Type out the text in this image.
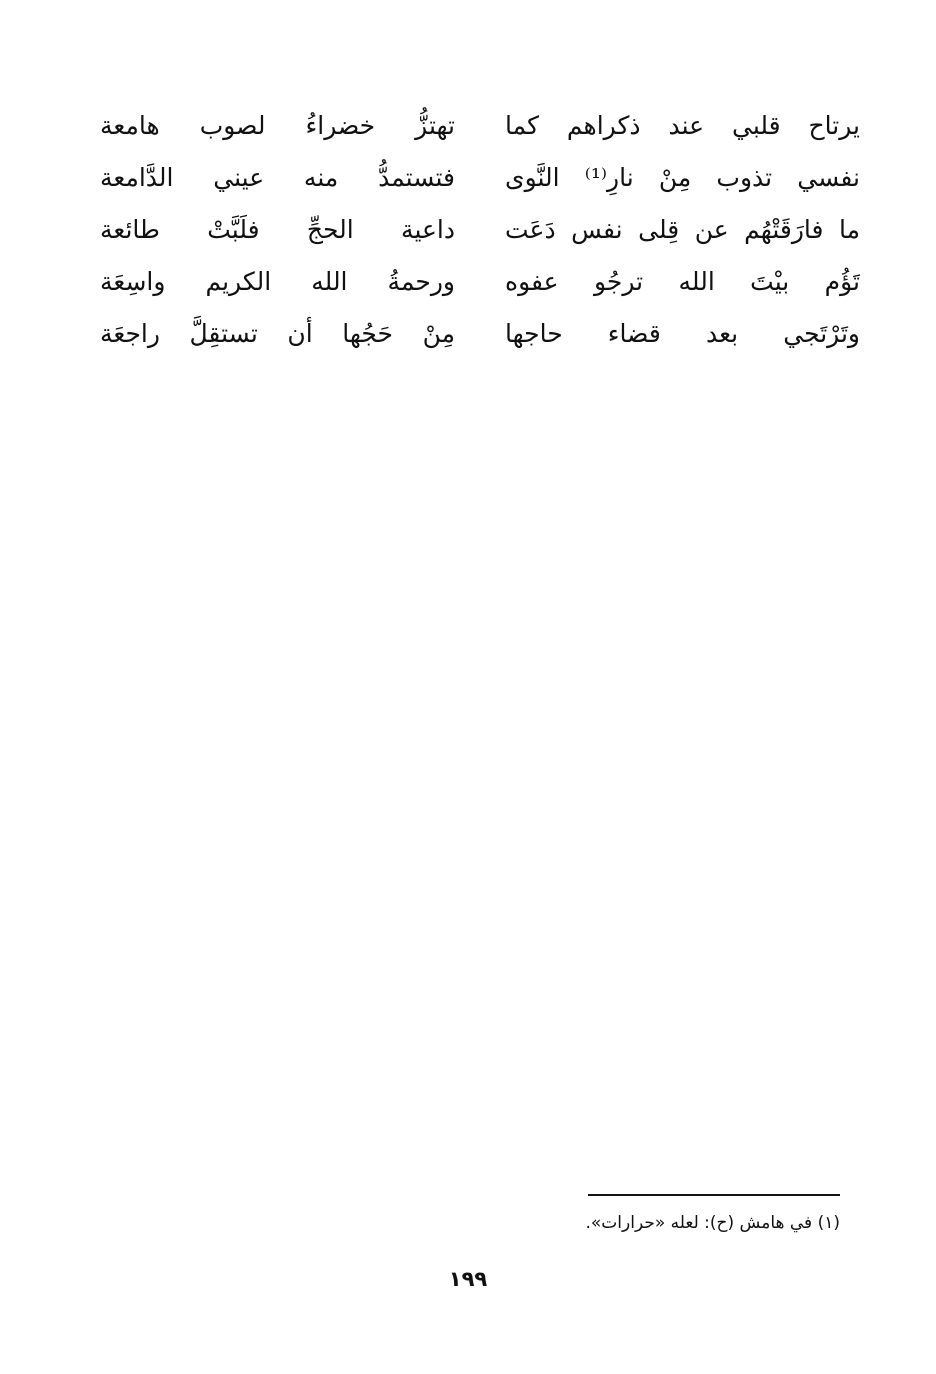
يرتاح قلبي عند ذكراهم كما
تهتزُّ خضراءُ لصوب هامعة
نفسي تذوب مِنْ نارِ⁽¹⁾ النَّوى
فتستمدُّ منه عيني الدَّامعة
ما فارَقَتْهُم عن قِلى نفس دَعَت
داعية الحجِّ فلَبَّتْ طائعة
تَؤُم بيْتَ الله ترجُو عفوه
ورحمةُ الله الكريم واسِعَة
وتَرْتَجي بعد قضاء حاجها
مِنْ حَجُها أن تستقِلَّ راجعَة
(١) في هامش (ح): لعله «حرارات».
١٩٩
